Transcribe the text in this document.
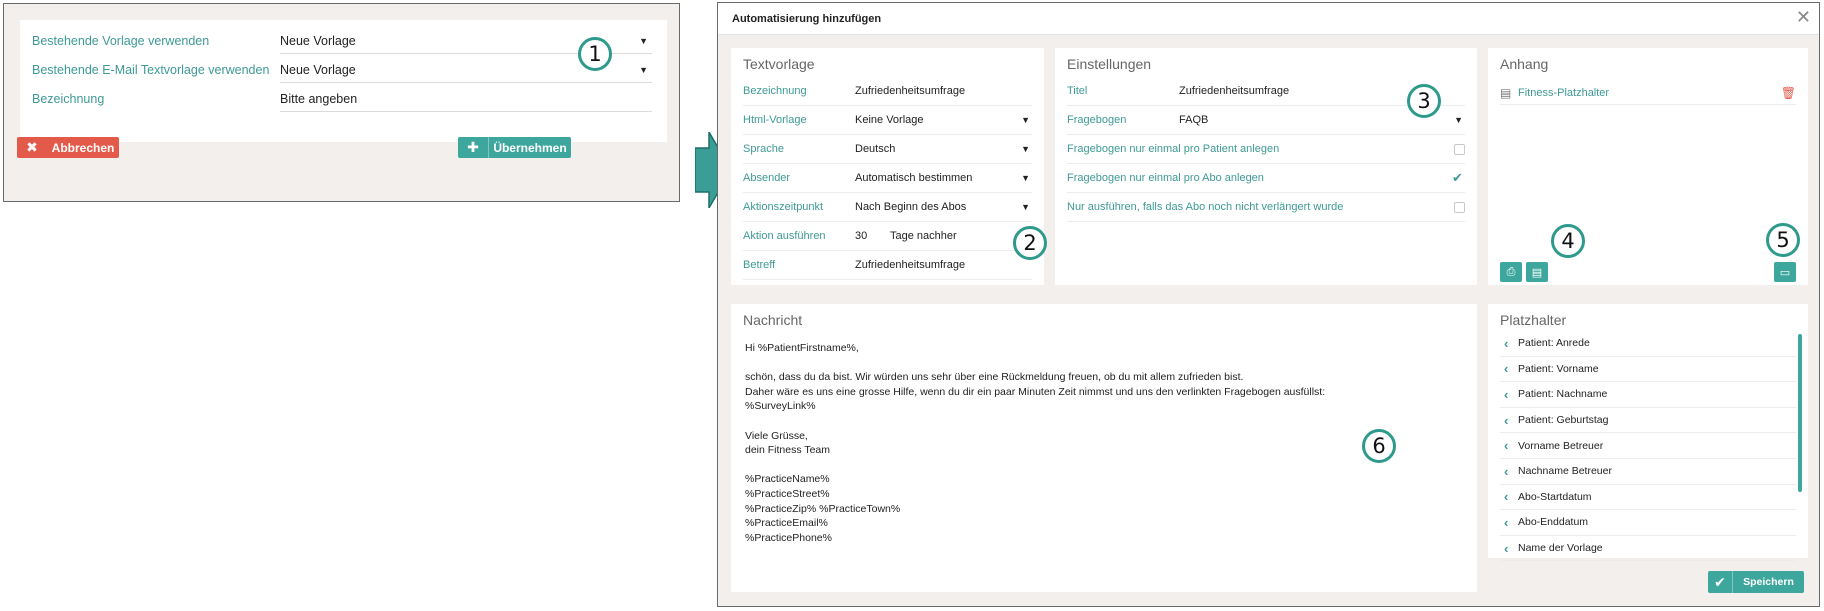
Bestehende Vorlage verwenden	Neue Vorlage	▼
Bestehende E-Mail Textvorlage verwenden Neue Vorlage	▼
Bezeichnung	Bitte angeben
✖	Abbrechen	✚	Übernehmen
Automatisierung hinzufügen	✕
Textvorlage
Bezeichnung	Zufriedenheitsumfrage
Html-Vorlage	Keine Vorlage	▼
Sprache	Deutsch	▼
Absender	Automatisch bestimmen	▼
Aktionszeitpunkt	Nach Beginn des Abos	▼
Aktion ausführen	30	Tage nachher
Betreff	Zufriedenheitsumfrage
Einstellungen
Titel	Zufriedenheitsumfrage
Fragebogen	FAQB	▼
Fragebogen nur einmal pro Patient anlegen
Fragebogen nur einmal pro Abo anlegen	✔
Nur ausführen, falls das Abo noch nicht verlängert wurde
Anhang
▤ Fitness-Platzhalter	🗑
⎙ ▤	▭
Nachricht
Hi %PatientFirstname%,

schön, dass du da bist. Wir würden uns sehr über eine Rückmeldung freuen, ob du mit allem zufrieden bist.
Daher wäre es uns eine grosse Hilfe, wenn du dir ein paar Minuten Zeit nimmst und uns den verlinkten Fragebogen ausfüllst:
%SurveyLink%

Viele Grüsse,
dein Fitness Team

%PracticeName%
%PracticeStreet%
%PracticeZip% %PracticeTown%
%PracticeEmail%
%PracticePhone%
Platzhalter
‹ Patient: Anrede
‹ Patient: Vorname
‹ Patient: Nachname
‹ Patient: Geburtstag
‹ Vorname Betreuer
‹ Nachname Betreuer
‹ Abo-Startdatum
‹ Abo-Enddatum
‹ Name der Vorlage
✔	Speichern
1
2
3
4	5
6
